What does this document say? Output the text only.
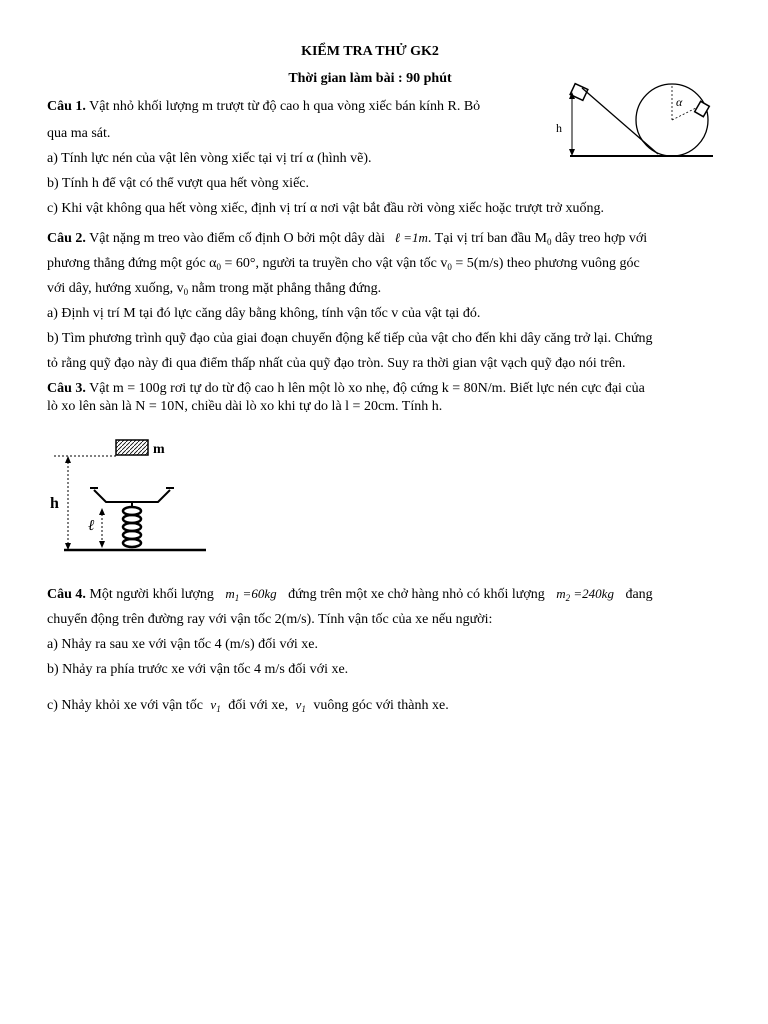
KIỂM TRA THỬ GK2
Thời gian làm bài : 90 phút
Câu 1. Vật nhỏ khối lượng m trượt từ độ cao h qua vòng xiếc bán kính R. Bỏ
qua ma sát.
a) Tính lực nén của vật lên vòng xiếc tại vị trí α (hình vẽ).
b) Tính h để vật có thể vượt qua hết vòng xiếc.
c) Khi vật không qua hết vòng xiếc, định vị trí α nơi vật bắt đầu rời vòng xiếc hoặc trượt trở xuống.
h
α
Câu 2. Vật nặng m treo vào điểm cố định O bởi một dây dài ℓ =1m. Tại vị trí ban đầu $M_0$ dây treo hợp với
phương thẳng đứng một góc $\alpha_0 = 60^\circ$, người ta truyền cho vật vận tốc $v_0 = 5(m/s)$ theo phương vuông góc
với dây, hướng xuống, $v_0$ nằm trong mặt phẳng thẳng đứng.
a) Định vị trí M tại đó lực căng dây bằng không, tính vận tốc v của vật tại đó.
b) Tìm phương trình quỹ đạo của giai đoạn chuyển động kế tiếp của vật cho đến khi dây căng trở lại. Chứng
tỏ rằng quỹ đạo này đi qua điểm thấp nhất của quỹ đạo tròn. Suy ra thời gian vật vạch quỹ đạo nói trên.
Câu 3. Vật m = 100g rơi tự do từ độ cao h lên một lò xo nhẹ, độ cứng k = 80N/m. Biết lực nén cực đại của
lò xo lên sàn là N = 10N, chiều dài lò xo khi tự do là l = 20cm. Tính h.
m
h
ℓ
Câu 4. Một người khối lượng $m_1 =60kg$ đứng trên một xe chở hàng nhỏ có khối lượng $m_2 =240kg$ đang
chuyển động trên đường ray với vận tốc 2(m/s). Tính vận tốc của xe nếu người:
a) Nhảy ra sau xe với vận tốc 4 (m/s) đối với xe.
b) Nhảy ra phía trước xe với vận tốc 4 m/s đối với xe.
c) Nhảy khỏi xe với vận tốc $v_1$ đối với xe, $v_1$ vuông góc với thành xe.
